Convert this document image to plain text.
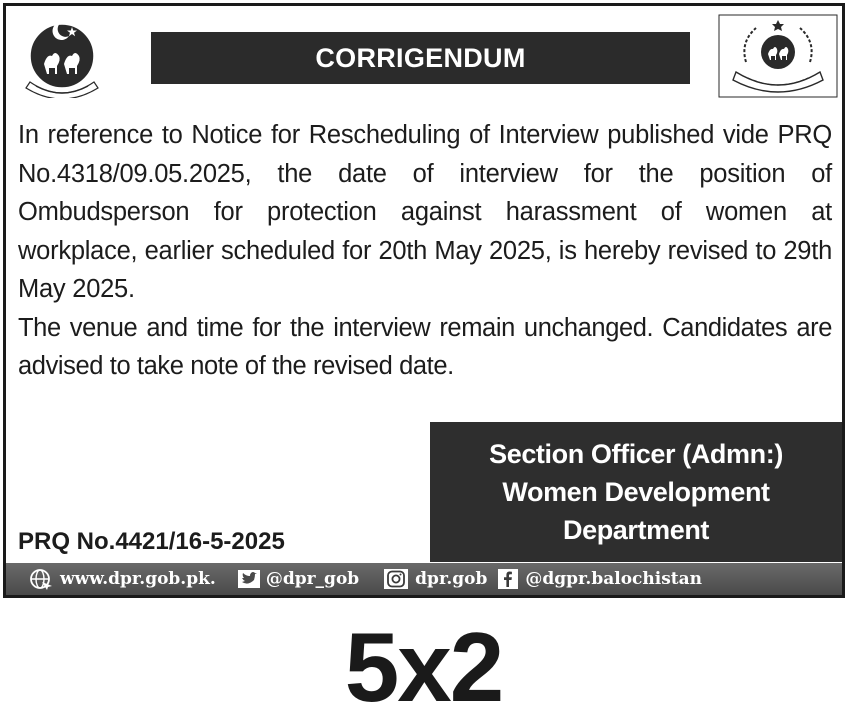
CORRIGENDUM

In reference to Notice for Rescheduling of Interview published vide PRQ No.4318/09.05.2025, the date of interview for the position of Ombudsperson for protection against harassment of women at workplace, earlier scheduled for 20th May 2025, is hereby revised to 29th May 2025.

The venue and time for the interview remain unchanged. Candidates are advised to take note of the revised date.

PRQ No.4421/16-5-2025
Section Officer (Admn:)
Women Development
Department
www.dpr.gob.pk.	@dpr_gob	dpr.gob @dgpr.balochistan
5x2
